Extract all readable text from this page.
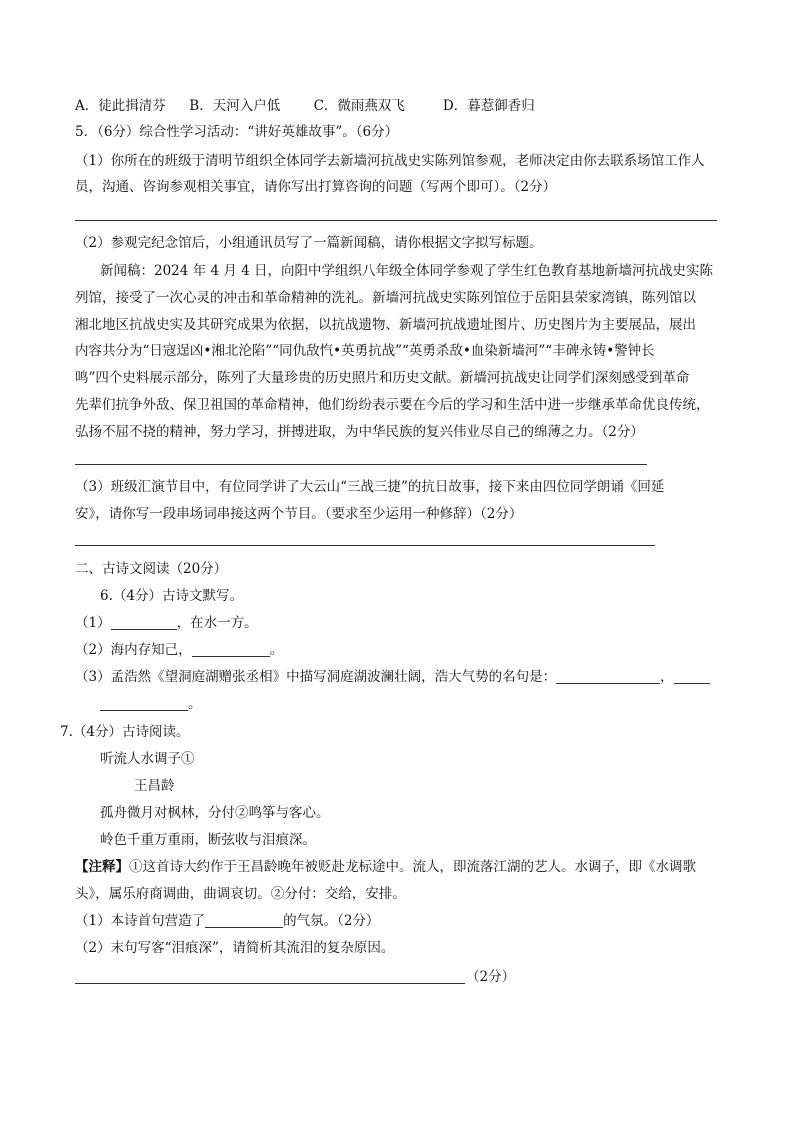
A．徒此揖清芬 B．天河入户低 C．微雨燕双飞	D．暮惹御香归
5．（6分）综合性学习活动：“讲好英雄故事”。（6分）
（1）你所在的班级于清明节组织全体同学去新墙河抗战史实陈列馆参观，老师决定由你去联系场馆工作人
员，沟通、咨询参观相关事宜，请你写出打算咨询的问题（写两个即可）。（2分）
（2）参观完纪念馆后，小组通讯员写了一篇新闻稿，请你根据文字拟写标题。
新闻稿：2024 年 4 月 4 日，向阳中学组织八年级全体同学参观了学生红色教育基地新墙河抗战史实陈
列馆，接受了一次心灵的冲击和革命精神的洗礼。新墙河抗战史实陈列馆位于岳阳县荣家湾镇，陈列馆以
湘北地区抗战史实及其研究成果为依据，以抗战遗物、新墙河抗战遗址图片、历史图片为主要展品，展出
内容共分为“日寇逞凶•湘北沦陷”“同仇敌忾•英勇抗战”“英勇杀敌•血染新墙河”“丰碑永铸•警钟长
鸣”四个史料展示部分，陈列了大量珍贵的历史照片和历史文献。新墙河抗战史让同学们深刻感受到革命
先辈们抗争外敌、保卫祖国的革命精神，他们纷纷表示要在今后的学习和生活中进一步继承革命优良传统，
弘扬不屈不挠的精神，努力学习，拼搏进取，为中华民族的复兴伟业尽自己的绵薄之力。（2分）
（3）班级汇演节目中，有位同学讲了大云山“三战三捷”的抗日故事，接下来由四位同学朗诵《回延
安》，请你写一段串场词串接这两个节目。（要求至少运用一种修辞）（2分）
二、古诗文阅读（20分）
6.（4分）古诗文默写。
（1）	，在水一方。
（2）海内存知己，	。
（3）孟浩然《望洞庭湖赠张丞相》中描写洞庭湖波澜壮阔，浩大气势的名句是：	，
。
7.（4分）古诗阅读。
听流人水调子①
王昌龄
孤舟微月对枫林，分付②鸣筝与客心。
岭色千重万重雨，断弦收与泪痕深。
【注释】①这首诗大约作于王昌龄晚年被贬赴龙标途中。流人，即流落江湖的艺人。水调子，即《水调歌
头》，属乐府商调曲，曲调哀切。②分付：交给，安排。
（1）本诗首句营造了	的气氛。（2分）
（2）末句写客“泪痕深”，请简析其流泪的复杂原因。
（2分）
